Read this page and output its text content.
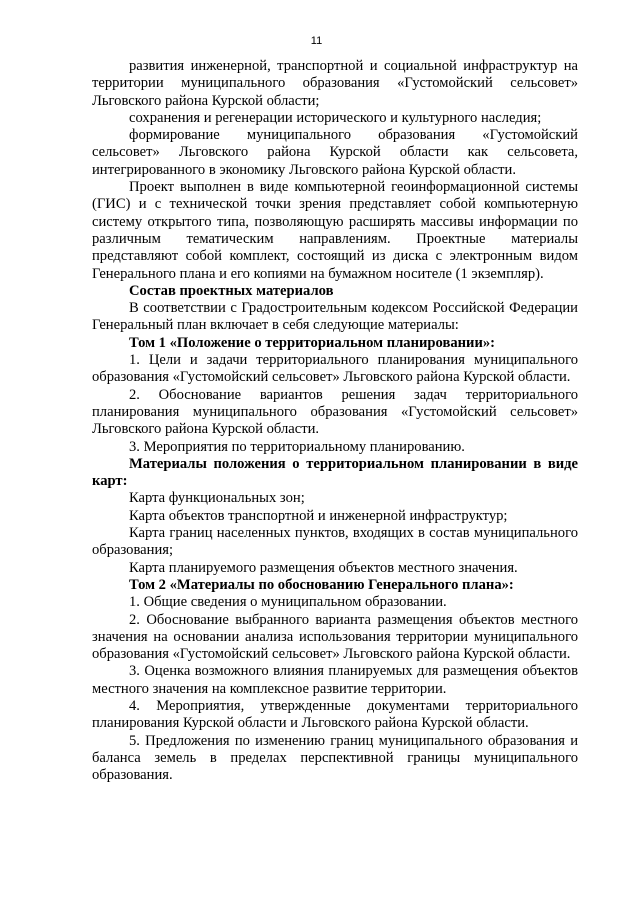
11

развития инженерной, транспортной и социальной инфраструктур на территории муниципального образования «Густомойский сельсовет» Льговского района Курской области;

сохранения и регенерации исторического и культурного наследия;

формирование муниципального образования «Густомойский сельсовет» Льговского района Курской области как сельсовета, интегрированного в экономику Льговского района Курской области.

Проект выполнен в виде компьютерной геоинформационной системы (ГИС) и с технической точки зрения представляет собой компьютерную систему открытого типа, позволяющую расширять массивы информации по различным тематическим направлениям. Проектные материалы представляют собой комплект, состоящий из диска с электронным видом Генерального плана и его копиями на бумажном носителе (1 экземпляр).

Состав проектных материалов

В соответствии с Градостроительным кодексом Российской Федерации Генеральный план включает в себя следующие материалы:

Том 1 «Положение о территориальном планировании»:

1. Цели и задачи территориального планирования муниципального образования «Густомойский сельсовет» Льговского района Курской области.

2. Обоснование вариантов решения задач территориального планирования муниципального образования «Густомойский сельсовет» Льговского района Курской области.

3. Мероприятия по территориальному планированию.

Материалы положения о территориальном планировании в виде карт:

Карта функциональных зон;

Карта объектов транспортной и инженерной инфраструктур;

Карта границ населенных пунктов, входящих в состав муниципального образования;

Карта планируемого размещения объектов местного значения.

Том 2 «Материалы по обоснованию Генерального плана»:

1. Общие сведения о муниципальном образовании.

2. Обоснование выбранного варианта размещения объектов местного значения на основании анализа использования территории муниципального образования «Густомойский сельсовет» Льговского района Курской области.

3. Оценка возможного влияния планируемых для размещения объектов местного значения на комплексное развитие территории.

4. Мероприятия, утвержденные документами территориального планирования Курской области и Льговского района Курской области.

5. Предложения по изменению границ муниципального образования и баланса земель в пределах перспективной границы муниципального образования.
